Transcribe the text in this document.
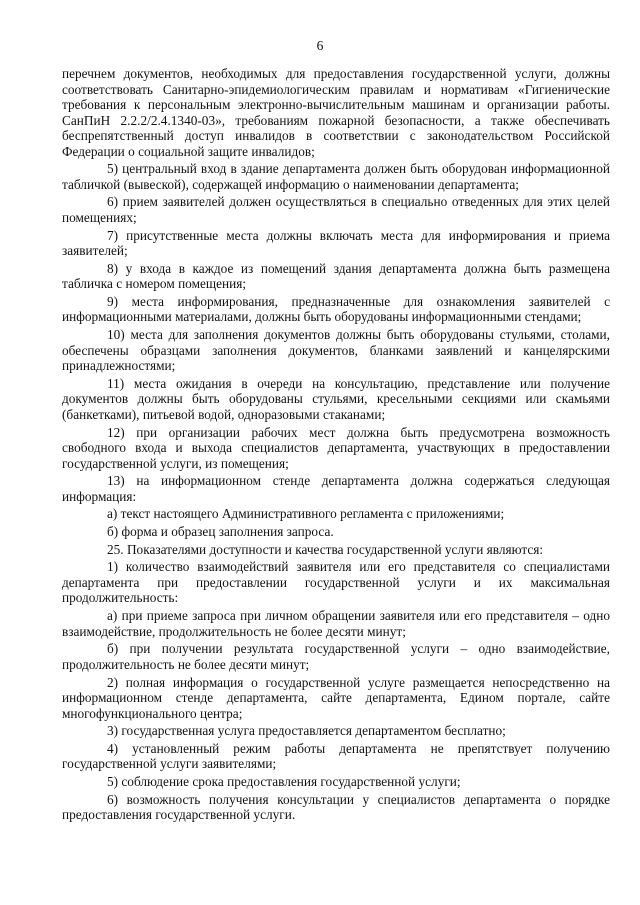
6

перечнем документов, необходимых для предоставления государственной услуги, должны соответствовать Санитарно-эпидемиологическим правилам и нормативам «Гигиенические требования к персональным электронно-вычислительным машинам и организации работы. СанПиН 2.2.2/2.4.1340-03», требованиям пожарной безопасности, а также обеспечивать беспрепятственный доступ инвалидов в соответствии с законодательством Российской Федерации о социальной защите инвалидов;

5) центральный вход в здание департамента должен быть оборудован информационной табличкой (вывеской), содержащей информацию о наименовании департамента;

6) прием заявителей должен осуществляться в специально отведенных для этих целей помещениях;

7) присутственные места должны включать места для информирования и приема заявителей;

8) у входа в каждое из помещений здания департамента должна быть размещена табличка с номером помещения;

9) места информирования, предназначенные для ознакомления заявителей с информационными материалами, должны быть оборудованы информационными стендами;

10) места для заполнения документов должны быть оборудованы стульями, столами, обеспечены образцами заполнения документов, бланками заявлений и канцелярскими принадлежностями;

11) места ожидания в очереди на консультацию, представление или получение документов должны быть оборудованы стульями, кресельными секциями или скамьями (банкетками), питьевой водой, одноразовыми стаканами;

12) при организации рабочих мест должна быть предусмотрена возможность свободного входа и выхода специалистов департамента, участвующих в предоставлении государственной услуги, из помещения;

13) на информационном стенде департамента должна содержаться следующая информация:

а) текст настоящего Административного регламента с приложениями;

б) форма и образец заполнения запроса.

25. Показателями доступности и качества государственной услуги являются:

1) количество взаимодействий заявителя или его представителя со специалистами департамента при предоставлении государственной услуги и их максимальная продолжительность:

а) при приеме запроса при личном обращении заявителя или его представителя – одно взаимодействие, продолжительность не более десяти минут;

б) при получении результата государственной услуги – одно взаимодействие, продолжительность не более десяти минут;

2) полная информация о государственной услуге размещается непосредственно на информационном стенде департамента, сайте департамента, Едином портале, сайте многофункционального центра;

3) государственная услуга предоставляется департаментом бесплатно;

4) установленный режим работы департамента не препятствует получению государственной услуги заявителями;

5) соблюдение срока предоставления государственной услуги;

6) возможность получения консультации у специалистов департамента о порядке предоставления государственной услуги.
